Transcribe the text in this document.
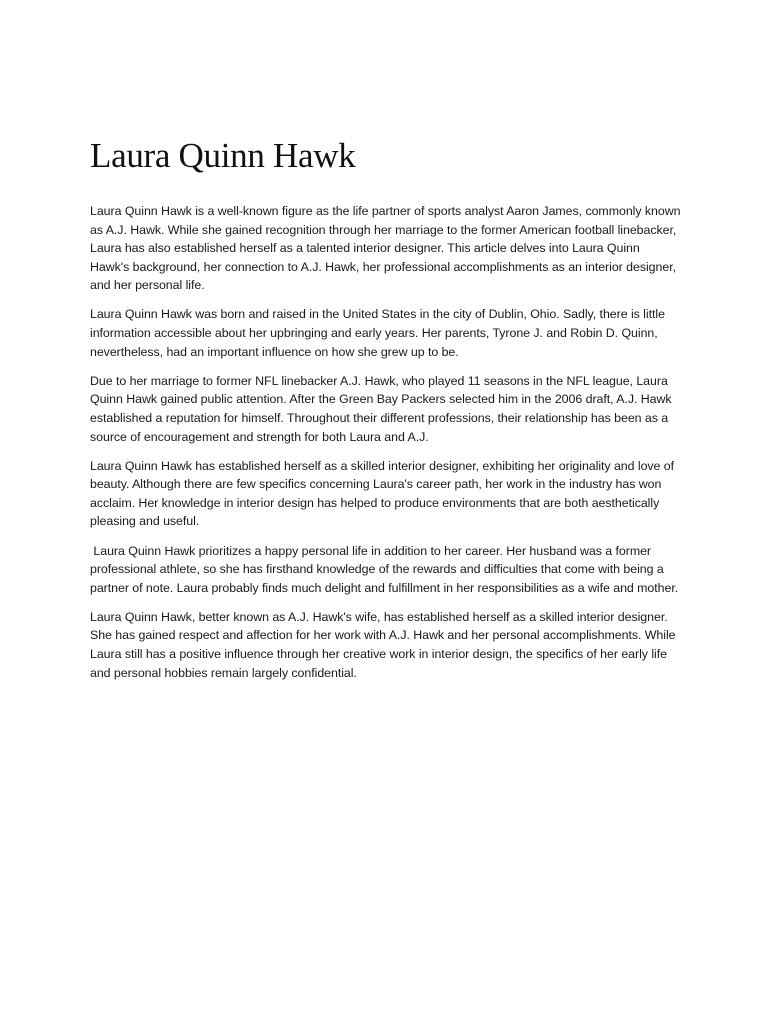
Laura Quinn Hawk

Laura Quinn Hawk is a well-known figure as the life partner of sports analyst Aaron James, commonly known as A.J. Hawk. While she gained recognition through her marriage to the former American football linebacker, Laura has also established herself as a talented interior designer. This article delves into Laura Quinn Hawk's background, her connection to A.J. Hawk, her professional accomplishments as an interior designer, and her personal life.

Laura Quinn Hawk was born and raised in the United States in the city of Dublin, Ohio. Sadly, there is little information accessible about her upbringing and early years. Her parents, Tyrone J. and Robin D. Quinn, nevertheless, had an important influence on how she grew up to be.

Due to her marriage to former NFL linebacker A.J. Hawk, who played 11 seasons in the NFL league, Laura Quinn Hawk gained public attention. After the Green Bay Packers selected him in the 2006 draft, A.J. Hawk established a reputation for himself. Throughout their different professions, their relationship has been as a source of encouragement and strength for both Laura and A.J.

Laura Quinn Hawk has established herself as a skilled interior designer, exhibiting her originality and love of beauty. Although there are few specifics concerning Laura's career path, her work in the industry has won acclaim. Her knowledge in interior design has helped to produce environments that are both aesthetically pleasing and useful.

Laura Quinn Hawk prioritizes a happy personal life in addition to her career. Her husband was a former professional athlete, so she has firsthand knowledge of the rewards and difficulties that come with being a partner of note. Laura probably finds much delight and fulfillment in her responsibilities as a wife and mother.

Laura Quinn Hawk, better known as A.J. Hawk's wife, has established herself as a skilled interior designer. She has gained respect and affection for her work with A.J. Hawk and her personal accomplishments. While Laura still has a positive influence through her creative work in interior design, the specifics of her early life and personal hobbies remain largely confidential.
